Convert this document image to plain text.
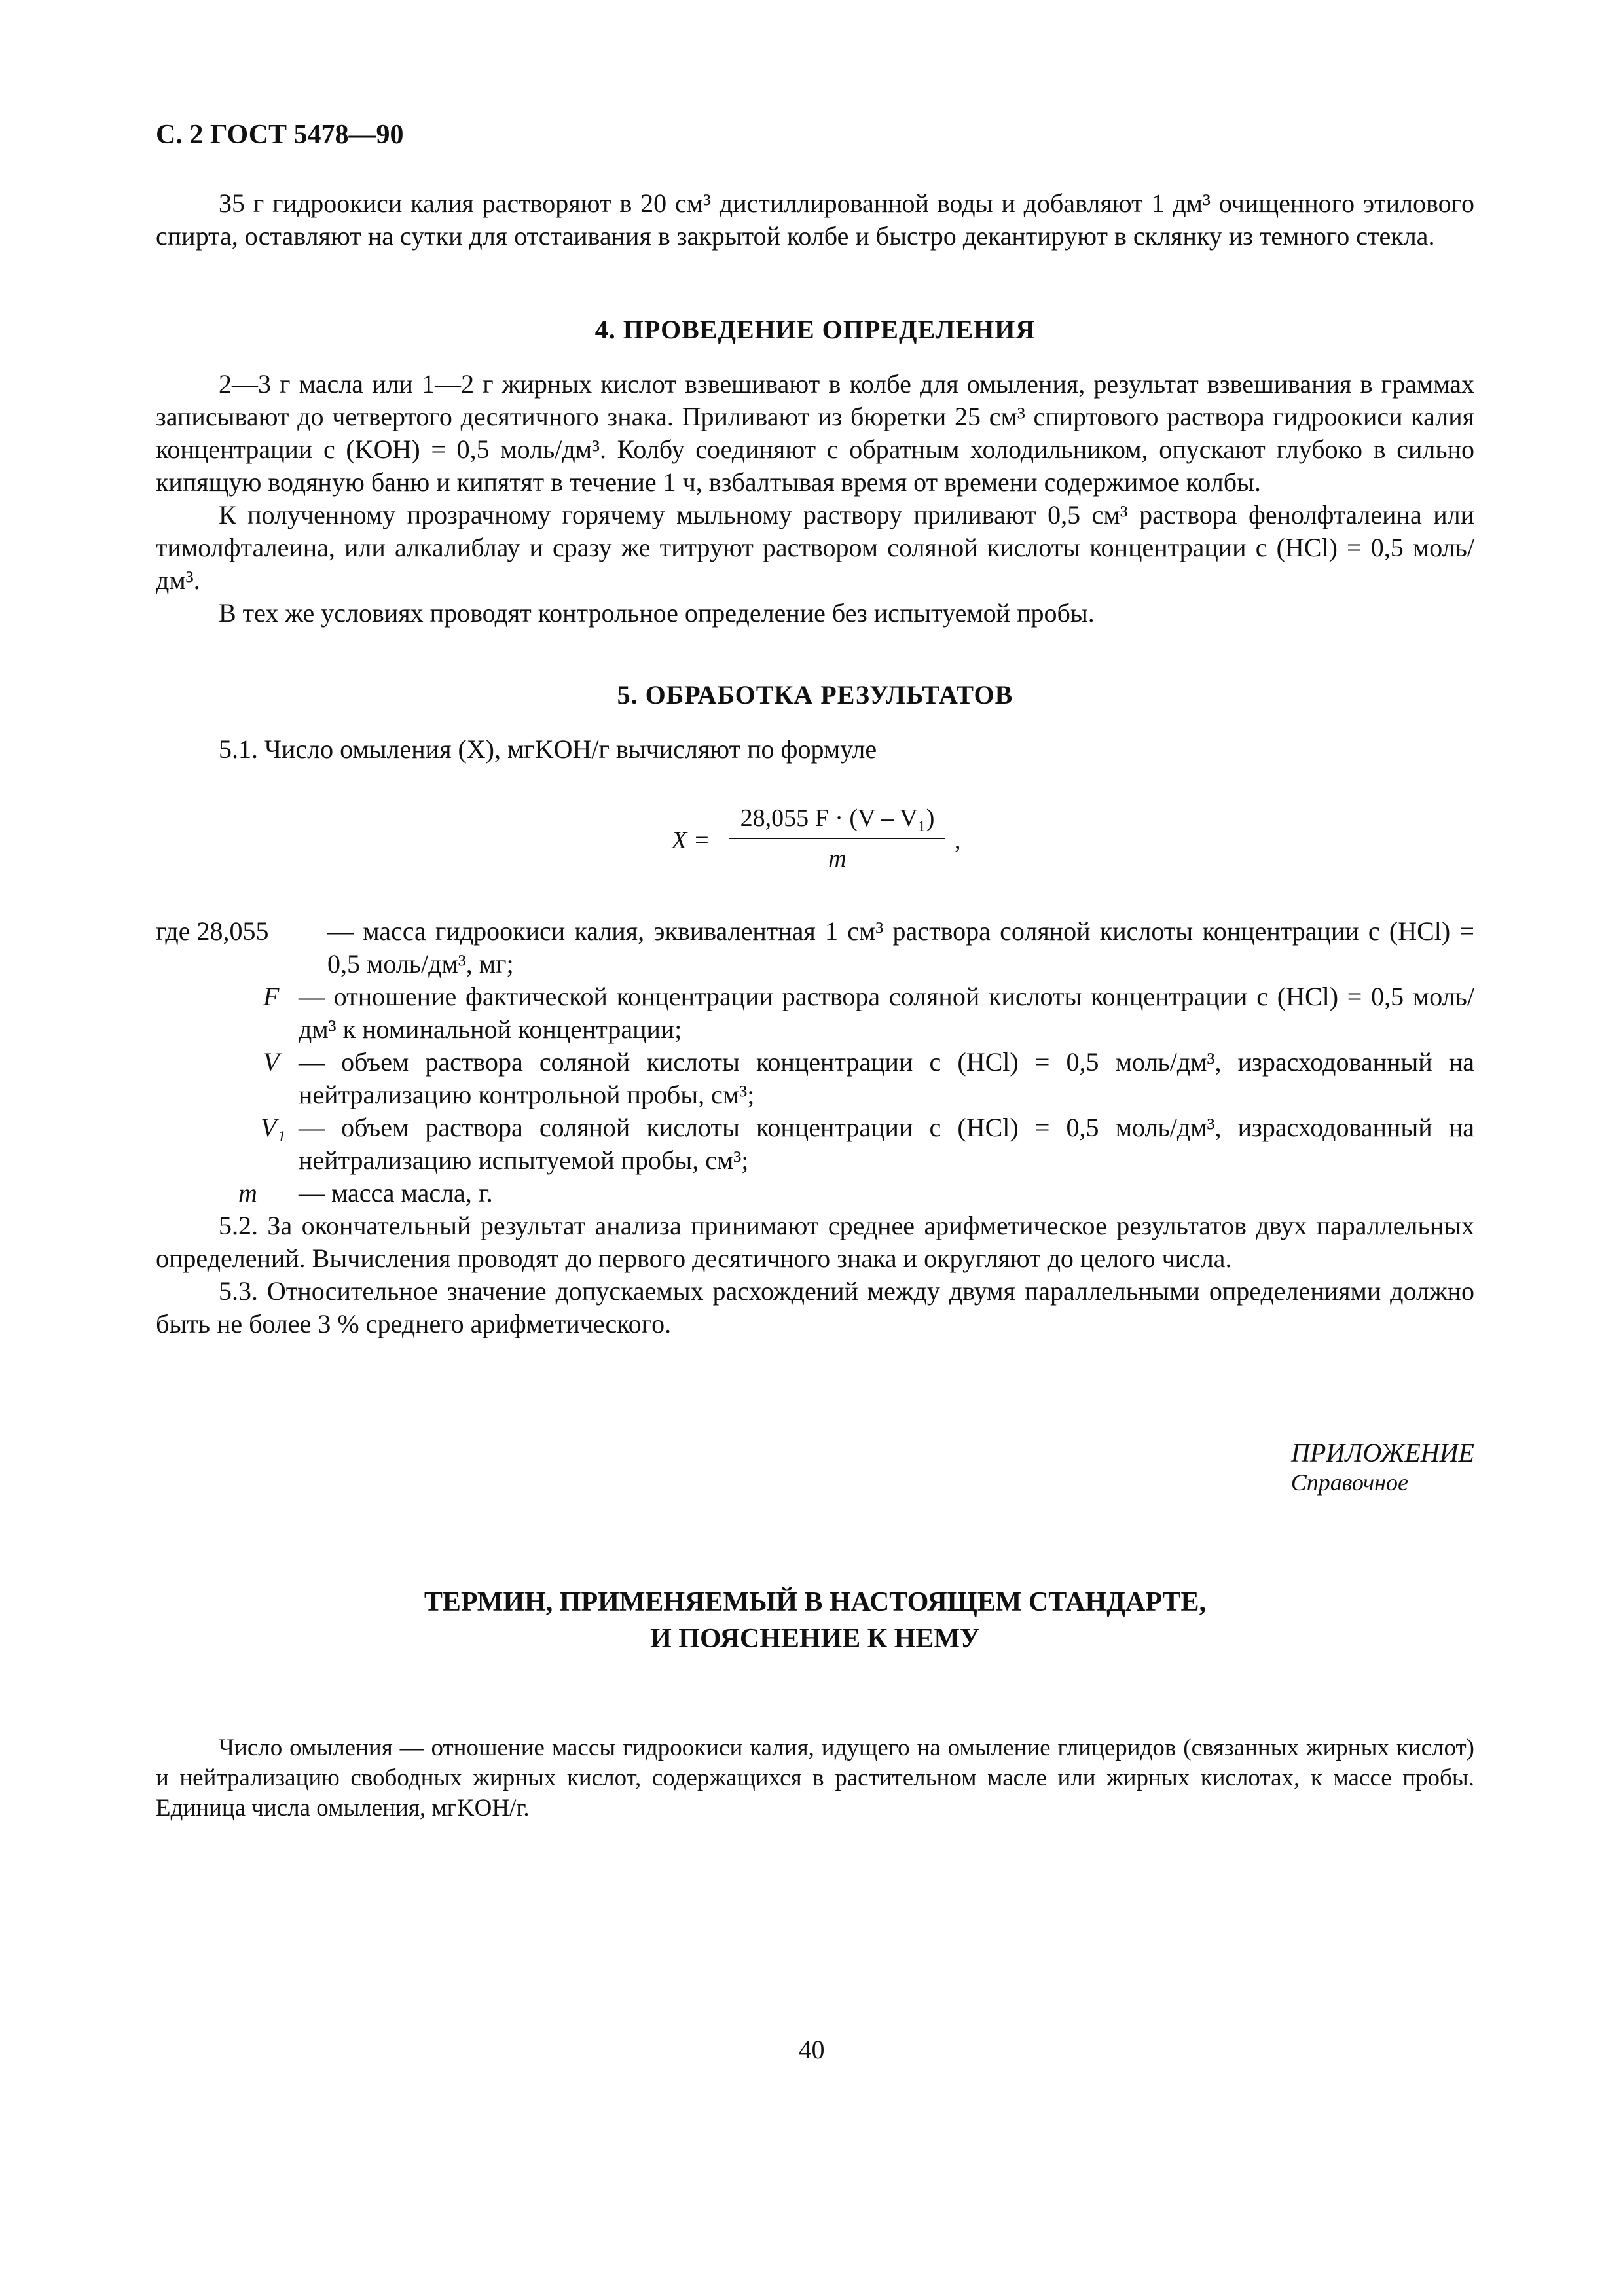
С. 2 ГОСТ 5478—90

35 г гидроокиси калия растворяют в 20 см³ дистиллированной воды и добавляют 1 дм³ очищенного этилового спирта, оставляют на сутки для отстаивания в закрытой колбе и быстро декантируют в склянку из темного стекла.

4. ПРОВЕДЕНИЕ ОПРЕДЕЛЕНИЯ

2—3 г масла или 1—2 г жирных кислот взвешивают в колбе для омыления, результат взвешивания в граммах записывают до четвертого десятичного знака. Приливают из бюретки 25 см³ спиртового раствора гидроокиси калия концентрации c (KOH) = 0,5 моль/дм³. Колбу соединяют с обратным холодильником, опускают глубоко в сильно кипящую водяную баню и кипятят в течение 1 ч, взбалтывая время от времени содержимое колбы.

К полученному прозрачному горячему мыльному раствору приливают 0,5 см³ раствора фенолфталеина или тимолфталеина, или алкалиблау и сразу же титруют раствором соляной кислоты концентрации c (HCl) = 0,5 моль/дм³.

В тех же условиях проводят контрольное определение без испытуемой пробы.

5. ОБРАБОТКА РЕЗУЛЬТАТОВ

5.1. Число омыления (X), мгKOH/г вычисляют по формуле

X =
28,055 F · (V – V₁)
m
,
где 28,055 — масса гидроокиси калия, эквивалентная 1 см³ раствора соляной кислоты концентрации c (HCl) = 0,5 моль/дм³, мг;
F — отношение фактической концентрации раствора соляной кислоты концентрации c (HCl) = 0,5 моль/дм³ к номинальной концентрации;
V — объем раствора соляной кислоты концентрации c (HCl) = 0,5 моль/дм³, израсходованный на нейтрализацию контрольной пробы, см³;
V₁ — объем раствора соляной кислоты концентрации c (HCl) = 0,5 моль/дм³, израсходованный на нейтрализацию испытуемой пробы, см³;
m — масса масла, г.

5.2. За окончательный результат анализа принимают среднее арифметическое результатов двух параллельных определений. Вычисления проводят до первого десятичного знака и округляют до целого числа.

5.3. Относительное значение допускаемых расхождений между двумя параллельными определениями должно быть не более 3 % среднего арифметического.

ПРИЛОЖЕНИЕ
Справочное
ТЕРМИН, ПРИМЕНЯЕМЫЙ В НАСТОЯЩЕМ СТАНДАРТЕ,
И ПОЯСНЕНИЕ К НЕМУ

Число омыления — отношение массы гидроокиси калия, идущего на омыление глицеридов (связанных жирных кислот) и нейтрализацию свободных жирных кислот, содержащихся в растительном масле или жирных кислотах, к массе пробы. Единица числа омыления, мгKOH/г.

40
